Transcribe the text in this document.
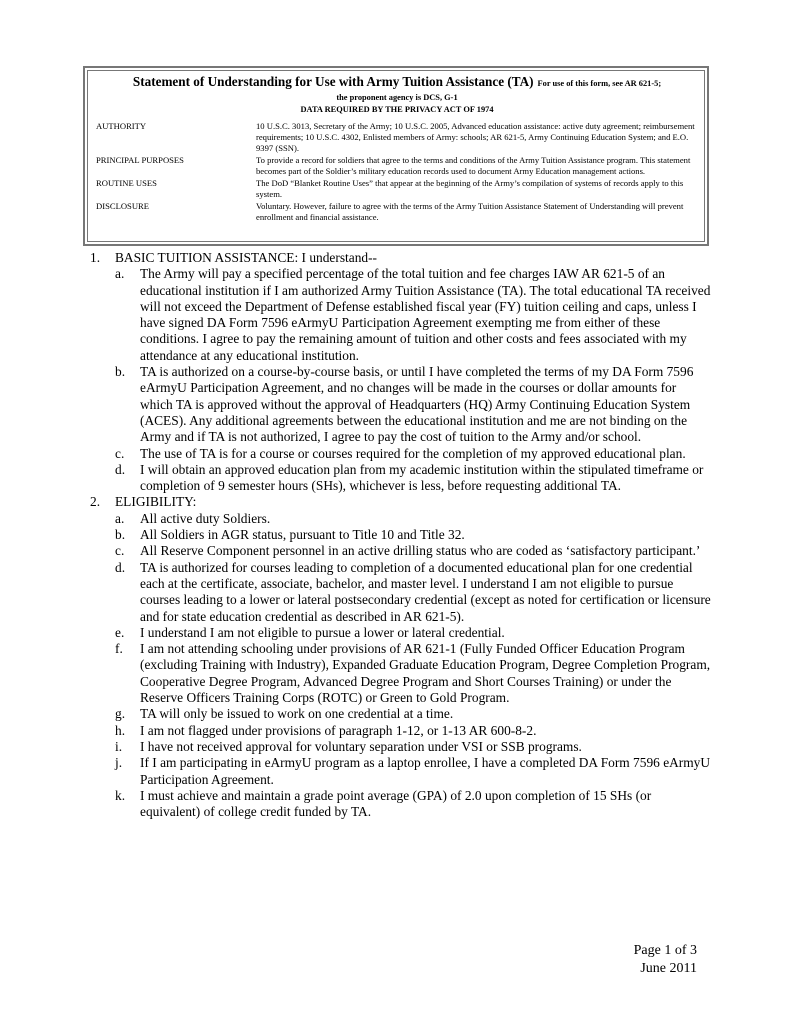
Statement of Understanding for Use with Army Tuition Assistance (TA) For use of this form, see AR 621-5;
the proponent agency is DCS, G-1
DATA REQUIRED BY THE PRIVACY ACT OF 1974
AUTHORITY	10 U.S.C. 3013, Secretary of the Army; 10 U.S.C. 2005, Advanced education assistance: active duty agreement; reimbursement requirements; 10 U.S.C. 4302, Enlisted members of Army: schools; AR 621-5, Army Continuing Education System; and E.O. 9397 (SSN).
PRINCIPAL PURPOSES	To provide a record for soldiers that agree to the terms and conditions of the Army Tuition Assistance program. This statement becomes part of the Soldier’s military education records used to document Army Education management actions.
ROUTINE USES	The DoD “Blanket Routine Uses” that appear at the beginning of the Army’s compilation of systems of records apply to this system.
DISCLOSURE	Voluntary. However, failure to agree with the terms of the Army Tuition Assistance Statement of Understanding will prevent enrollment and financial assistance.
1.	BASIC TUITION ASSISTANCE: I understand--
a.	The Army will pay a specified percentage of the total tuition and fee charges IAW AR 621-5 of an educational institution if I am authorized Army Tuition Assistance (TA). The total educational TA received will not exceed the Department of Defense established fiscal year (FY) tuition ceiling and caps, unless I have signed DA Form 7596 eArmyU Participation Agreement exempting me from either of these conditions. I agree to pay the remaining amount of tuition and other costs and fees associated with my attendance at any educational institution.
b.	TA is authorized on a course-by-course basis, or until I have completed the terms of my DA Form 7596 eArmyU Participation Agreement, and no changes will be made in the courses or dollar amounts for which TA is approved without the approval of Headquarters (HQ) Army Continuing Education System (ACES). Any additional agreements between the educational institution and me are not binding on the Army and if TA is not authorized, I agree to pay the cost of tuition to the Army and/or school.
c.	The use of TA is for a course or courses required for the completion of my approved educational plan.
d.	I will obtain an approved education plan from my academic institution within the stipulated timeframe or completion of 9 semester hours (SHs), whichever is less, before requesting additional TA.
2.	ELIGIBILITY:
a.	All active duty Soldiers.
b.	All Soldiers in AGR status, pursuant to Title 10 and Title 32.
c.	All Reserve Component personnel in an active drilling status who are coded as ‘satisfactory participant.’
d.	TA is authorized for courses leading to completion of a documented educational plan for one credential each at the certificate, associate, bachelor, and master level. I understand I am not eligible to pursue courses leading to a lower or lateral postsecondary credential (except as noted for certification or licensure and for state education credential as described in AR 621-5).
e.	I understand I am not eligible to pursue a lower or lateral credential.
f.	I am not attending schooling under provisions of AR 621-1 (Fully Funded Officer Education Program (excluding Training with Industry), Expanded Graduate Education Program, Degree Completion Program, Cooperative Degree Program, Advanced Degree Program and Short Courses Training) or under the Reserve Officers Training Corps (ROTC) or Green to Gold Program.
g.	TA will only be issued to work on one credential at a time.
h.	I am not flagged under provisions of paragraph 1-12, or 1-13 AR 600-8-2.
i.	I have not received approval for voluntary separation under VSI or SSB programs.
j.	If I am participating in eArmyU program as a laptop enrollee, I have a completed DA Form 7596 eArmyU Participation Agreement.
k.	I must achieve and maintain a grade point average (GPA) of 2.0 upon completion of 15 SHs (or equivalent) of college credit funded by TA.
Page 1 of 3
June 2011
